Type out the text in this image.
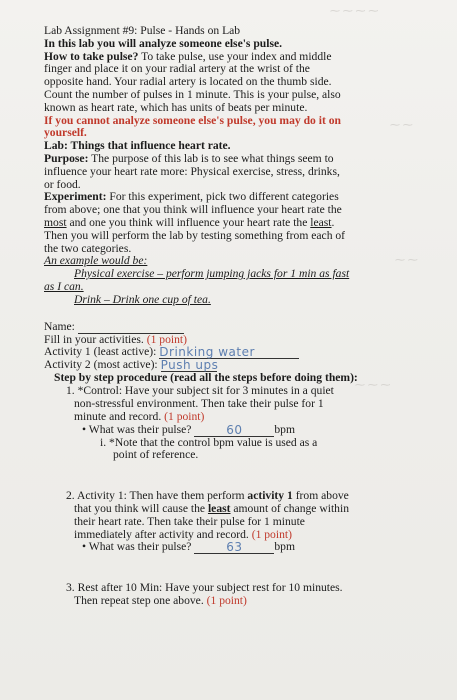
⁓ ⁓ ⁓ ⁓
⁓ ⁓
⁓ ⁓
⁓ ⁓ ⁓
Lab Assignment #9: Pulse - Hands on Lab
In this lab you will analyze someone else's pulse.
How to take pulse? To take pulse, use your index and middle
finger and place it on your radial artery at the wrist of the
opposite hand. Your radial artery is located on the thumb side.
Count the number of pulses in 1 minute. This is your pulse, also
known as heart rate, which has units of beats per minute.
If you cannot analyze someone else's pulse, you may do it on
yourself.
Lab: Things that influence heart rate.
Purpose: The purpose of this lab is to see what things seem to
influence your heart rate more: Physical exercise, stress, drinks,
or food.
Experiment: For this experiment, pick two different categories
from above; one that you think will influence your heart rate the
most and one you think will influence your heart rate the least.
Then you will perform the lab by testing something from each of
the two categories.
An example would be:
Physical exercise – perform jumping jacks for 1 min as fast
as I can.
Drink – Drink one cup of tea.
Name:
Fill in your activities. (1 point)
Activity 1 (least active): Drinking water
Activity 2 (most active): Push ups
Step by step procedure (read all the steps before doing them):
1. *Control: Have your subject sit for 3 minutes in a quiet
non-stressful environment. Then take their pulse for 1
minute and record. (1 point)
• What was their pulse?	60	bpm
i. *Note that the control bpm value is used as a
point of reference.
2. Activity 1: Then have them perform activity 1 from above
that you think will cause the least amount of change within
their heart rate. Then take their pulse for 1 minute
immediately after activity and record. (1 point)
• What was their pulse?	63	bpm
3. Rest after 10 Min: Have your subject rest for 10 minutes.
Then repeat step one above. (1 point)
